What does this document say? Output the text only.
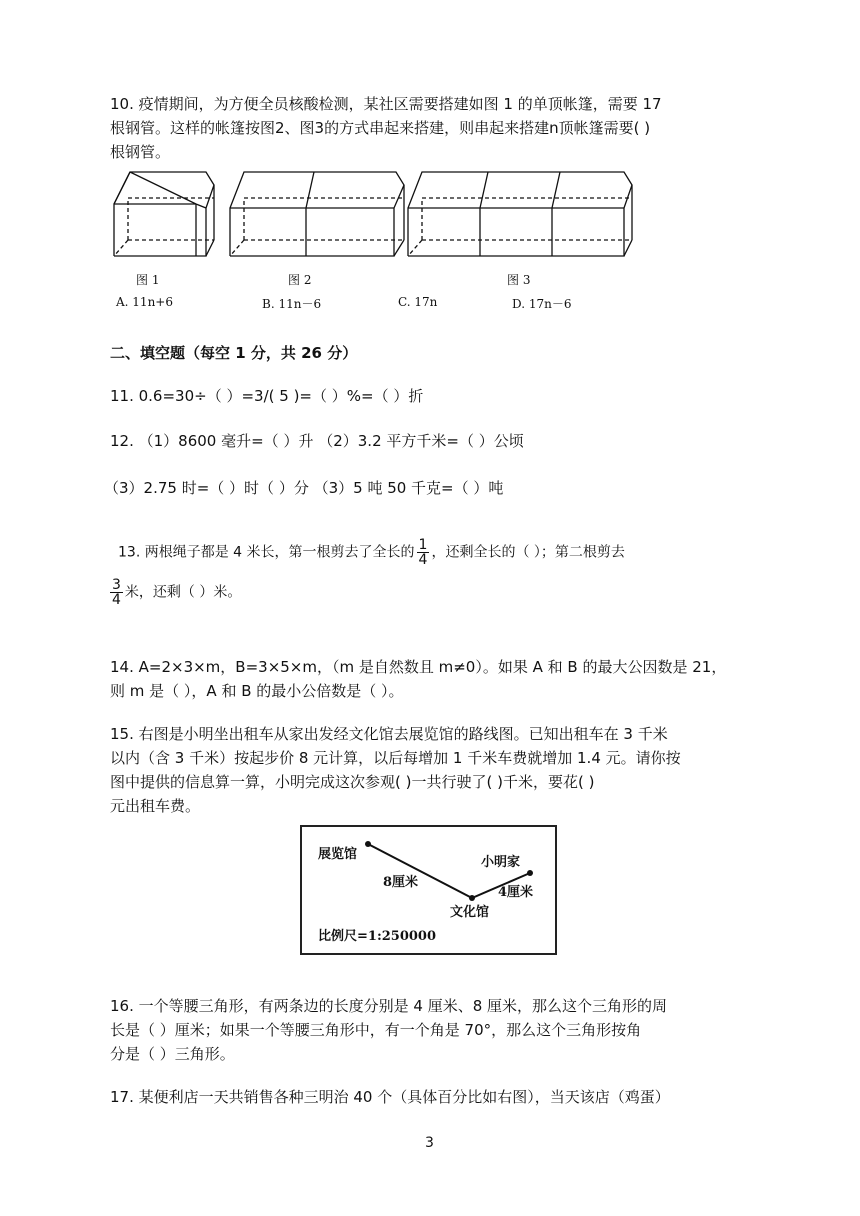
10. 疫情期间，为方便全员核酸检测，某社区需要搭建如图 1 的单顶帐篷，需要 17
根钢管。这样的帐篷按图2、图3的方式串起来搭建，则串起来搭建n顶帐篷需要( )
根钢管。
图 1	图 2	图 3
A. 11n+6	B. 11n－6	C. 17n	D. 17n－6
二、填空题（每空 1 分，共 26 分）
11. 0.6=30÷（ ）=3/( 5 )=（ ）%=（ ）折
12. （1）8600 毫升=（ ）升 （2）3.2 平方千米=（ ）公顷
（3）2.75 时=（ ）时（ ）分 （3）5 吨 50 千克=（ ）吨
13. 两根绳子都是 4 米长，第一根剪去了全长的 $\frac{1}{4}$ ，还剩全长的（ ）；第二根剪去
$\frac{3}{4}$ 米，还剩（ ）米。
14. A=2×3×m，B=3×5×m，（m 是自然数且 m≠0）。如果 A 和 B 的最大公因数是 21，
则 m 是（ ），A 和 B 的最小公倍数是（ ）。
15. 右图是小明坐出租车从家出发经文化馆去展览馆的路线图。已知出租车在 3 千米
以内（含 3 千米）按起步价 8 元计算，以后每增加 1 千米车费就增加 1.4 元。请你按
图中提供的信息算一算，小明完成这次参观( )一共行驶了( )千米，要花( )
元出租车费。
展览馆
小明家
8厘米
4厘米
文化馆
比例尺=1:250000
16. 一个等腰三角形，有两条边的长度分别是 4 厘米、8 厘米，那么这个三角形的周
长是（ ）厘米；如果一个等腰三角形中，有一个角是 70°，那么这个三角形按角
分是（ ）三角形。
17. 某便利店一天共销售各种三明治 40 个（具体百分比如右图），当天该店（鸡蛋）
3
